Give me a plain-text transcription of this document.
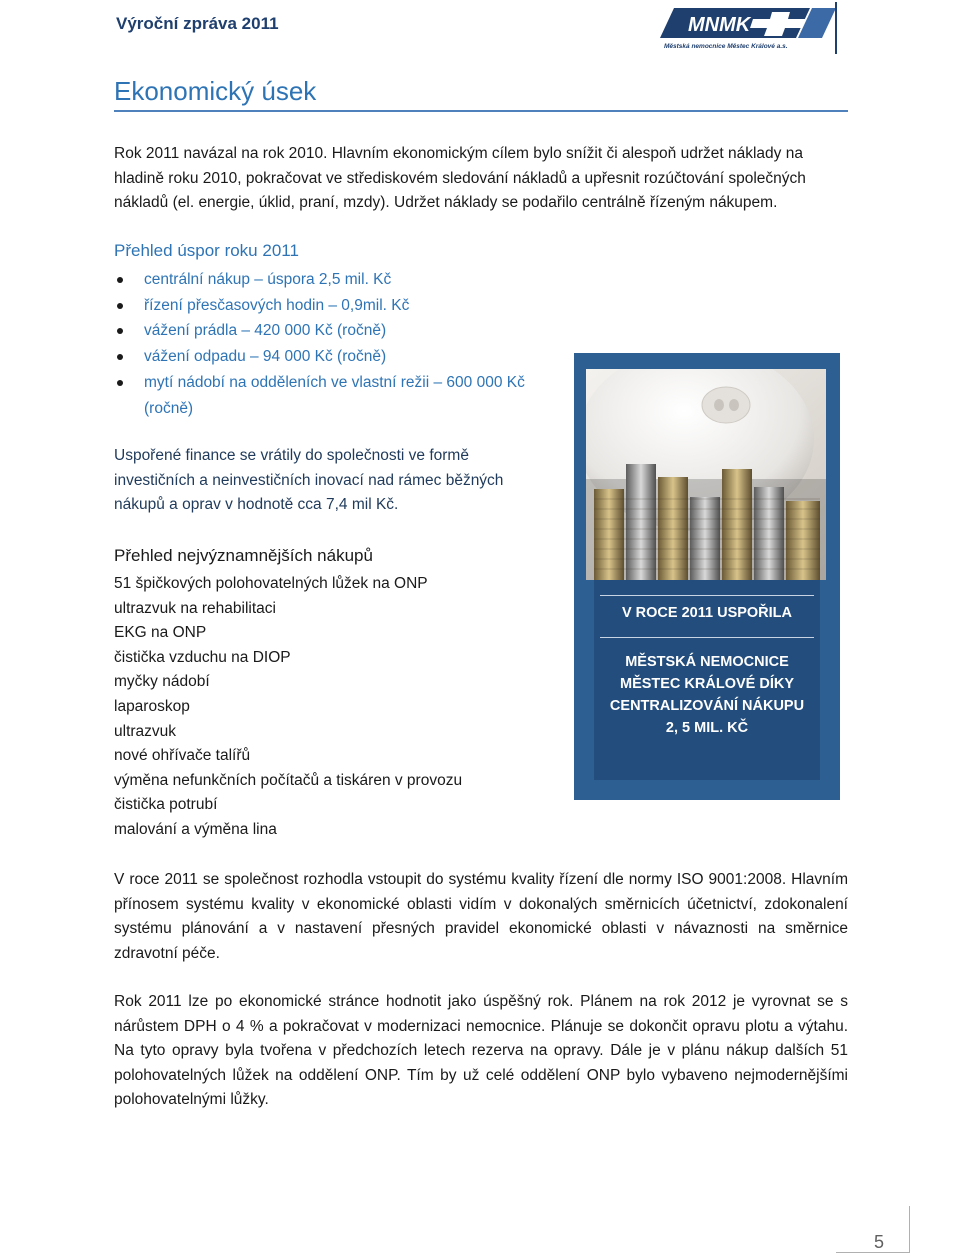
Výroční zpráva 2011	MNMK
Městská nemocnice Městec Králové a.s.
Ekonomický úsek
Rok 2011 navázal na rok 2010. Hlavním ekonomickým cílem bylo snížit či alespoň udržet náklady na hladině roku 2010, pokračovat ve střediskovém sledování nákladů a upřesnit rozúčtování společných nákladů (el. energie, úklid, praní, mzdy). Udržet náklady se podařilo centrálně řízeným nákupem.
Přehled úspor roku 2011
centrální nákup – úspora 2,5 mil. Kč
řízení přesčasových hodin – 0,9mil. Kč
vážení prádla – 420 000 Kč (ročně)
vážení odpadu – 94 000 Kč (ročně)
mytí nádobí na odděleních ve vlastní režii – 600 000 Kč (ročně)
Uspořené finance se vrátily do společnosti ve formě investičních a neinvestičních inovací nad rámec běžných nákupů a oprav v hodnotě cca 7,4 mil Kč.
Přehled nejvýznamnějších nákupů
51 špičkových polohovatelných lůžek na ONP
ultrazvuk na rehabilitaci
EKG na ONP
čistička vzduchu na DIOP
myčky nádobí
laparoskop
ultrazvuk
nové ohřívače talířů
výměna nefunkčních počítačů a tiskáren v provozu
čistička potrubí
malování a výměna lina
V ROCE 2011 USPOŘILA
MĚSTSKÁ NEMOCNICE MĚSTEC KRÁLOVÉ DÍKY CENTRALIZOVÁNÍ NÁKUPU 2, 5 MIL. KČ
V roce 2011 se společnost rozhodla vstoupit do systému kvality řízení dle normy ISO 9001:2008. Hlavním přínosem systému kvality v ekonomické oblasti vidím v dokonalých směrnicích účetnictví, zdokonalení systému plánování a v nastavení přesných pravidel ekonomické oblasti v návaznosti na směrnice zdravotní péče.
Rok 2011 lze po ekonomické stránce hodnotit jako úspěšný rok. Plánem na rok 2012 je vyrovnat se s nárůstem DPH o 4 % a pokračovat v modernizaci nemocnice. Plánuje se dokončit opravu plotu a výtahu. Na tyto opravy byla tvořena v předchozích letech rezerva na opravy. Dále je v plánu nákup dalších 51 polohovatelných lůžek na oddělení ONP. Tím by už celé oddělení ONP bylo vybaveno nejmodernějšími polohovatelnými lůžky.
5
